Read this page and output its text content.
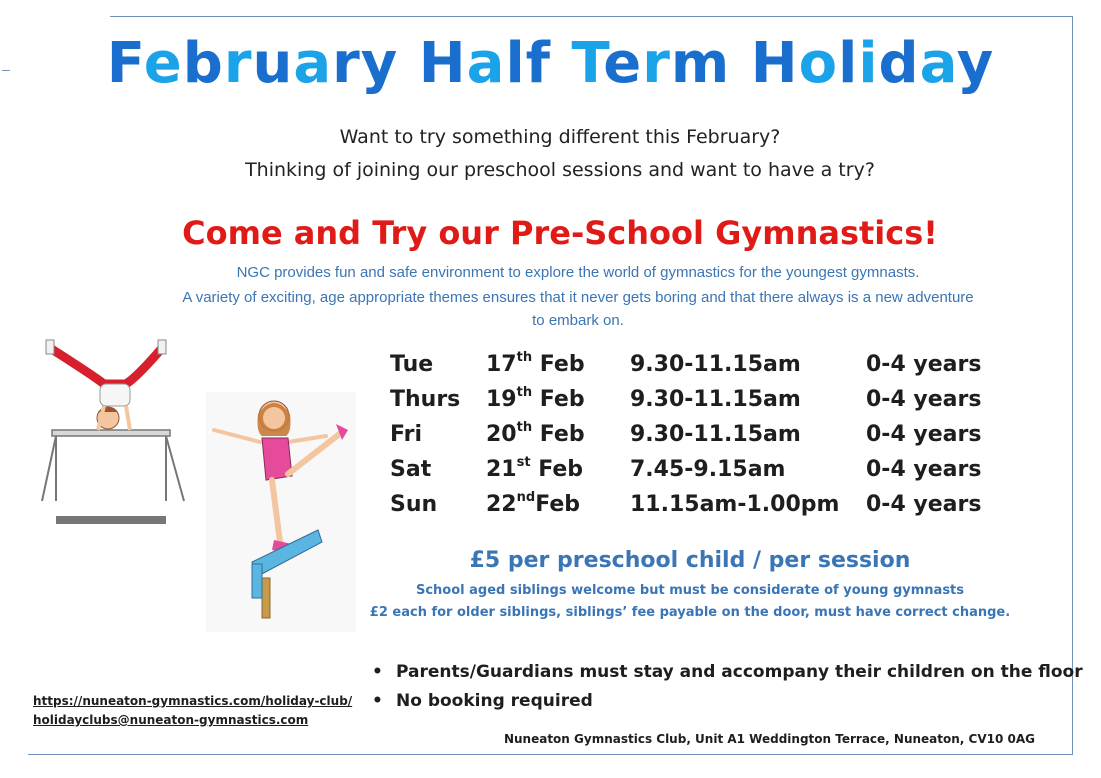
February Half Term Holiday
Want to try something different this February?
Thinking of joining our preschool sessions and want to have a try?
Come and Try our Pre-School Gymnastics!
NGC provides fun and safe environment to explore the world of gymnastics for the youngest gymnasts.
A variety of exciting, age appropriate themes ensures that it never gets boring and that there always is a new adventure
to embark on.
Tue 17th Feb 9.30-11.15am	0-4 years
Thurs 19th Feb 9.30-11.15am	0-4 years
Fri	20th Feb 9.30-11.15am	0-4 years
Sat 21st Feb 7.45-9.15am	0-4 years
Sun 22ndFeb 11.15am-1.00pm 0-4 years
£5 per preschool child / per session
School aged siblings welcome but must be considerate of young gymnasts
£2 each for older siblings, siblings’ fee payable on the door, must have correct change.
• Parents/Guardians must stay and accompany their children on the floor
• No booking required
https://nuneaton-gymnastics.com/holiday-club/
holidayclubs@nuneaton-gymnastics.com
Nuneaton Gymnastics Club, Unit A1 Weddington Terrace, Nuneaton, CV10 0AG
